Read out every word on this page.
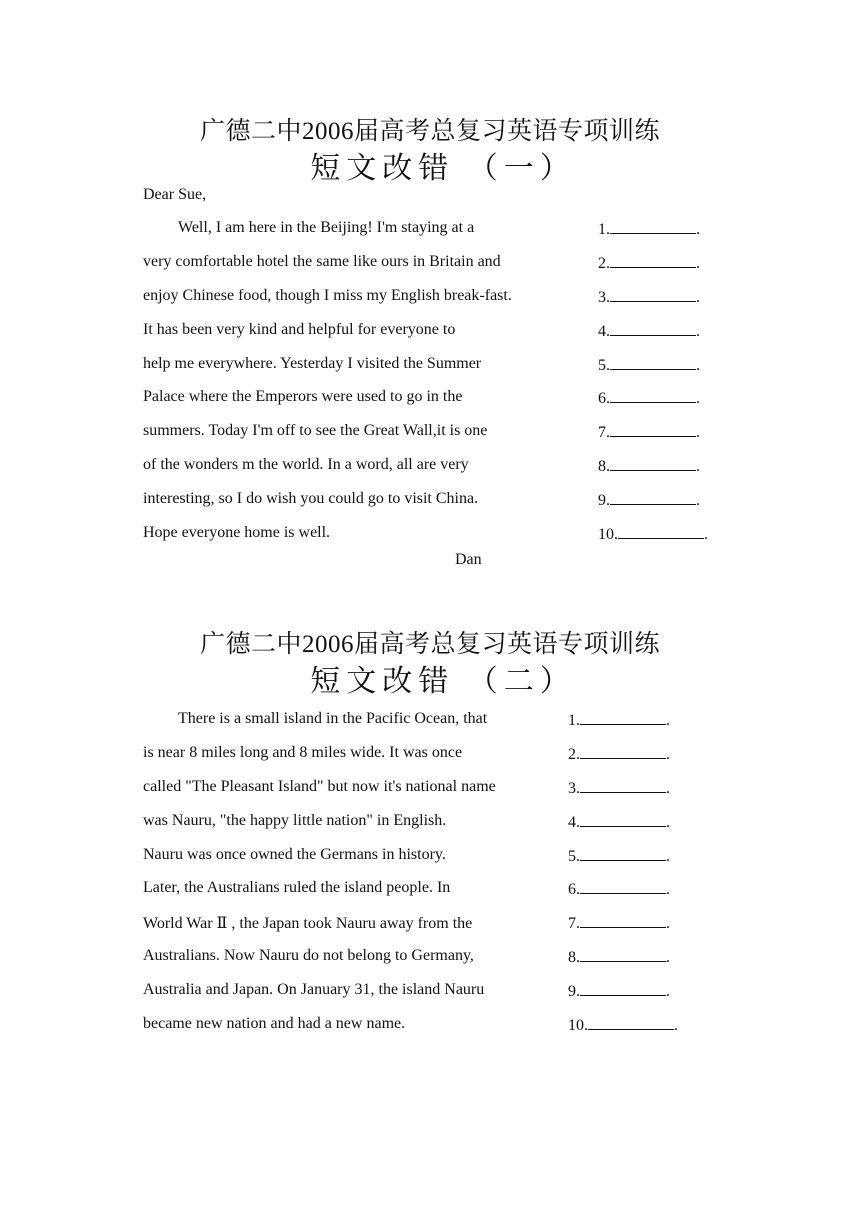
广德二中2006届高考总复习英语专项训练
短文改错 （一）
Dear Sue,
Well, I am here in the Beijing! I'm staying at a
very comfortable hotel the same like ours in Britain and
enjoy Chinese food, though I miss my English break-fast.
It has been very kind and helpful for everyone to
help me everywhere. Yesterday I visited the Summer
Palace where the Emperors were used to go in the
summers. Today I'm off to see the Great Wall,it is one
of the wonders m the world. In a word, all are very
interesting, so I do wish you could go to visit China.
Hope everyone home is well.
1.	.
2.	.
3.	.
4.	.
5.	.
6.	.
7.	.
8.	.
9.	.
10.	.
Dan
广德二中2006届高考总复习英语专项训练
短文改错 （二）
There is a small island in the Pacific Ocean, that
is near 8 miles long and 8 miles wide. It was once
called "The Pleasant Island" but now it's national name
was Nauru, "the happy little nation" in English.
Nauru was once owned the Germans in history.
Later, the Australians ruled the island people. In
World War Ⅱ , the Japan took Nauru away from the
Australians. Now Nauru do not belong to Germany,
Australia and Japan. On January 31, the island Nauru
became new nation and had a new name.
1.	.
2.	.
3.	.
4.	.
5.	.
6.	.
7.	.
8.	.
9.	.
10.	.
